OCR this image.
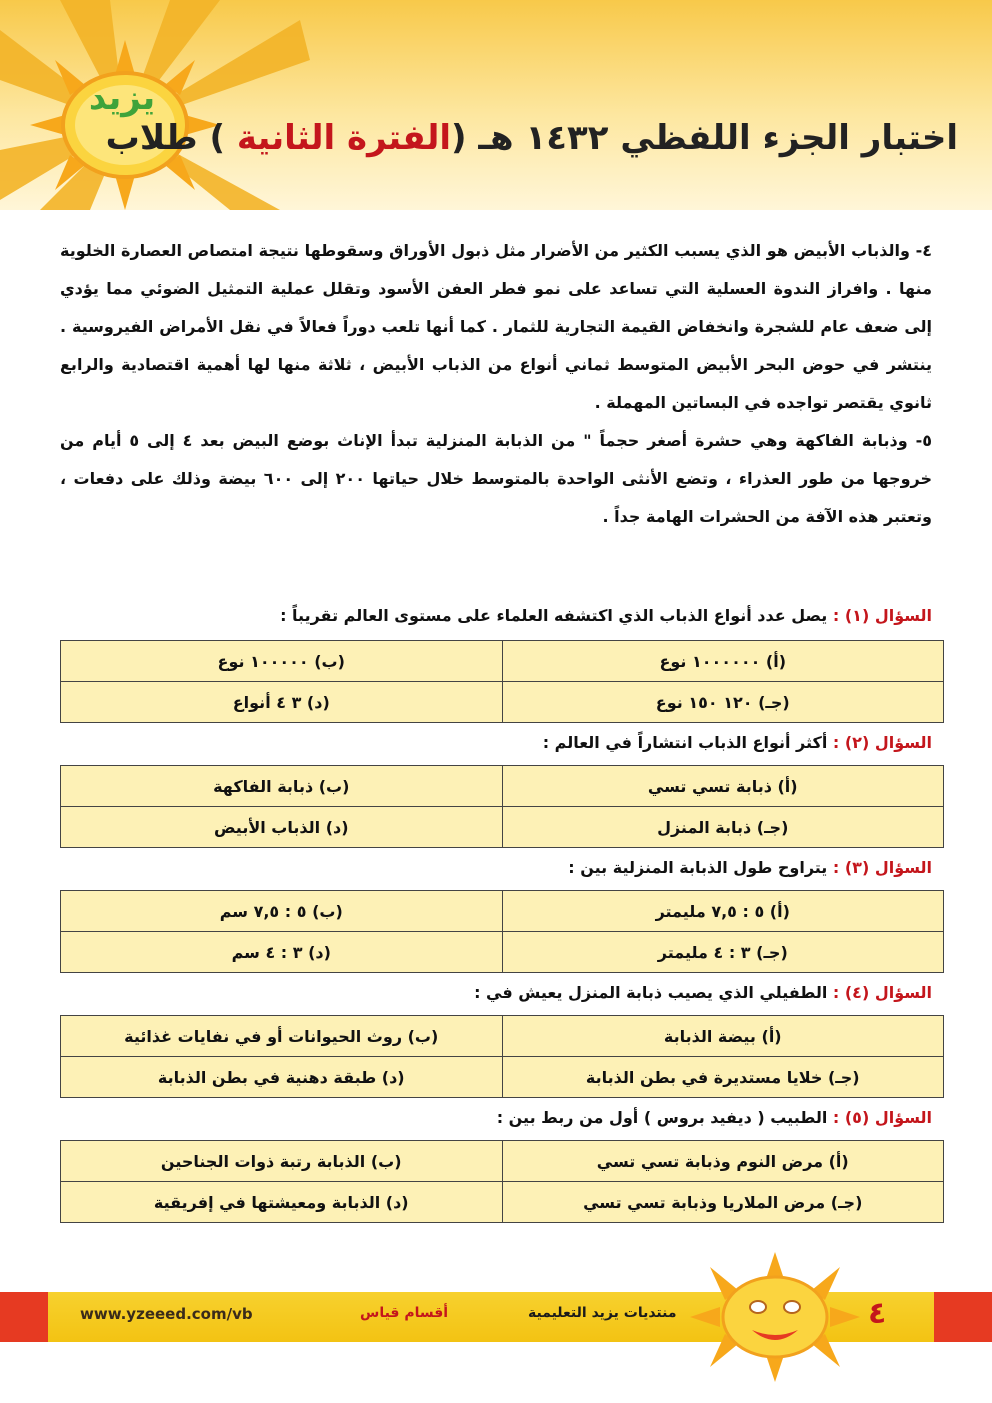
يزيد
اختبار الجزء اللفظي ١٤٣٢ هـ (الفترة الثانية ) طلاب

٤- والذباب الأبيض هو الذي يسبب الكثير من الأضرار مثل ذبول الأوراق وسقوطها نتيجة امتصاص العصارة الخلوية منها . وافراز الندوة العسلية التي تساعد على نمو فطر العفن الأسود وتقلل عملية التمثيل الضوئي مما يؤدي إلى ضعف عام للشجرة وانخفاض القيمة التجارية للثمار . كما أنها تلعب دوراً فعالاً في نقل الأمراض الفيروسية . ينتشر في حوض البحر الأبيض المتوسط ثماني أنواع من الذباب الأبيض ، ثلاثة منها لها أهمية اقتصادية والرابع ثانوي يقتصر تواجده في البساتين المهملة .

٥- وذبابة الفاكهة وهي حشرة أصغر حجماً " من الذبابة المنزلية تبدأ الإناث بوضع البيض بعد ٤ إلى ٥ أيام من خروجها من طور العذراء ، وتضع الأنثى الواحدة بالمتوسط خلال حياتها ٢٠٠ إلى ٦٠٠ بيضة وذلك على دفعات ، وتعتبر هذه الآفة من الحشرات الهامة جداً .

السؤال (١) : يصل عدد أنواع الذباب الذي اكتشفه العلماء على مستوى العالم تقريباً :
(أ) ١٠٠٠٠٠٠ نوع	(ب) ١٠٠٠٠٠ نوع
(جـ) ١٢٠ ١٥٠ نوع	(د) ٣ ٤ أنواع
السؤال (٢) : أكثر أنواع الذباب انتشاراً في العالم :
(أ) ذبابة تسي تسي	(ب) ذبابة الفاكهة
(جـ) ذبابة المنزل	(د) الذباب الأبيض
السؤال (٣) : يتراوح طول الذبابة المنزلية بين :
(أ) ٥ : ٧,٥ مليمتر	(ب) ٥ : ٧,٥ سم
(جـ) ٣ : ٤ مليمتر	(د) ٣ : ٤ سم
السؤال (٤) : الطفيلي الذي يصيب ذبابة المنزل يعيش في :
(أ) بيضة الذبابة	(ب) روث الحيوانات أو في نفايات غذائية
(جـ) خلايا مستديرة في بطن الذبابة	(د) طبقة دهنية في بطن الذبابة
السؤال (٥) : الطبيب ( ديفيد بروس ) أول من ربط بين :
(أ) مرض النوم وذبابة تسي تسي	(ب) الذبابة رتبة ذوات الجناحين
(جـ) مرض الملاريا وذبابة تسي تسي	(د) الذبابة ومعيشتها في إفريقية
www.yzeeed.com/vb	أقسام قياس	منتديات يزيد التعليمية	٤
